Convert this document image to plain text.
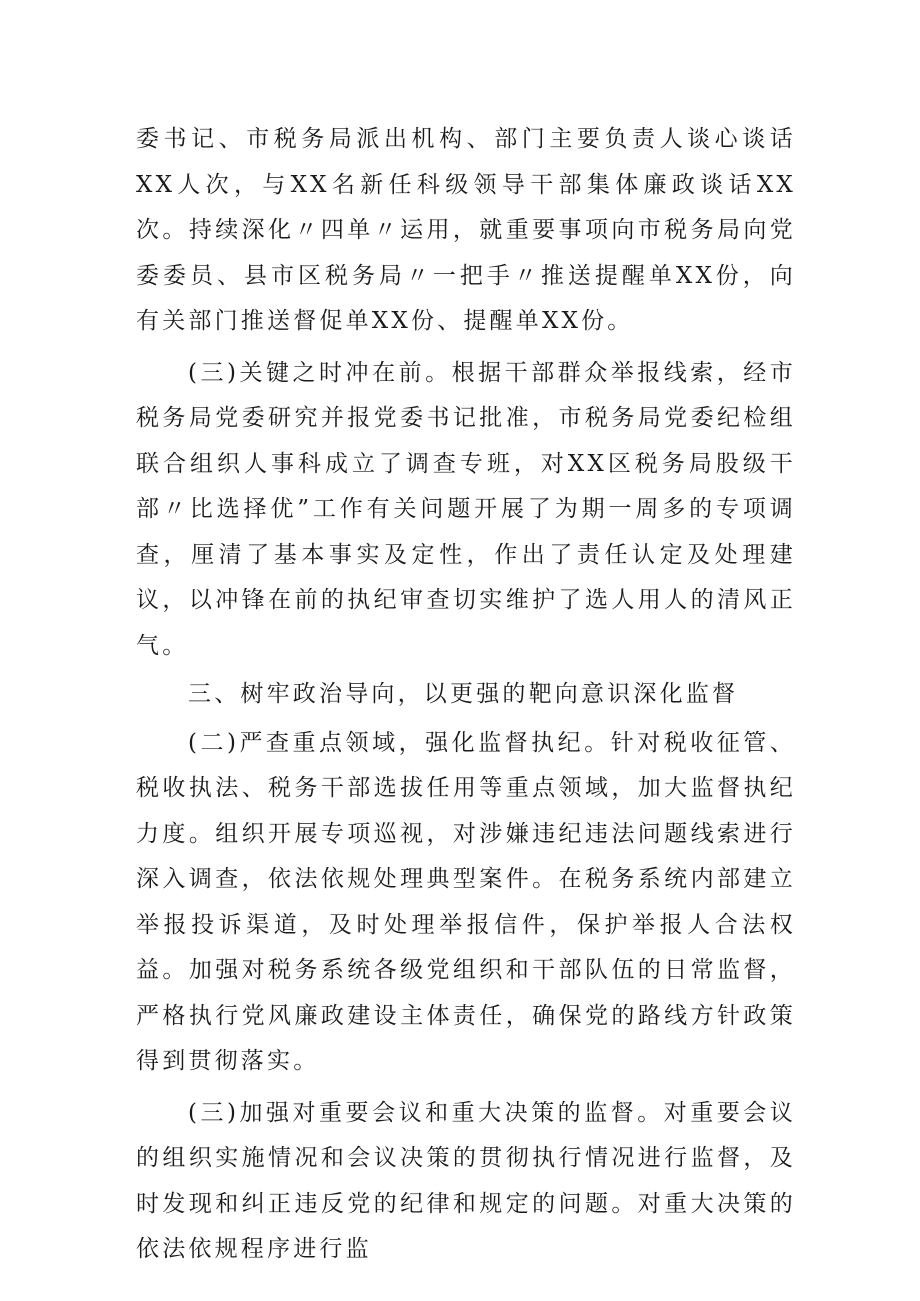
委书记、市税务局派出机构、部门主要负责人谈心谈话XX人次，与XX名新任科级领导干部集体廉政谈话XX次。持续深化〃四单〃运用，就重要事项向市税务局向党委委员、县市区税务局〃一把手〃推送提醒单XX份，向有关部门推送督促单XX份、提醒单XX份。

(三)关键之时冲在前。根据干部群众举报线索，经市税务局党委研究并报党委书记批准，市税务局党委纪检组联合组织人事科成立了调查专班，对XX区税务局股级干部〃比选择优”工作有关问题开展了为期一周多的专项调查，厘清了基本事实及定性，作出了责任认定及处理建议，以冲锋在前的执纪审查切实维护了选人用人的清风正气。

三、树牢政治导向，以更强的靶向意识深化监督

(二)严查重点领域，强化监督执纪。针对税收征管、税收执法、税务干部选拔任用等重点领域，加大监督执纪力度。组织开展专项巡视，对涉嫌违纪违法问题线索进行深入调查，依法依规处理典型案件。在税务系统内部建立举报投诉渠道，及时处理举报信件，保护举报人合法权益。加强对税务系统各级党组织和干部队伍的日常监督，严格执行党风廉政建设主体责任，确保党的路线方针政策得到贯彻落实。

(三)加强对重要会议和重大决策的监督。对重要会议的组织实施情况和会议决策的贯彻执行情况进行监督，及时发现和纠正违反党的纪律和规定的问题。对重大决策的依法依规程序进行监
